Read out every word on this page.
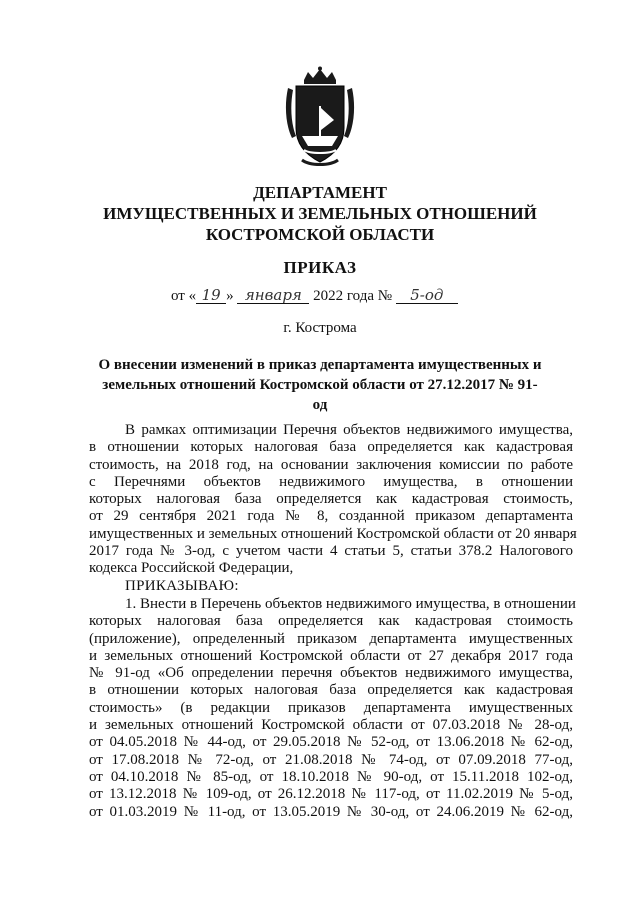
ДЕПАРТАМЕНТ
ИМУЩЕСТВЕННЫХ И ЗЕМЕЛЬНЫХ ОТНОШЕНИЙ
КОСТРОМСКОЙ ОБЛАСТИ
ПРИКАЗ
от « 19 » января 2022 года № 5-од
г. Кострома
О внесении изменений в приказ департамента имущественных и
земельных отношений Костромской области от 27.12.2017 № 91-од
В рамках оптимизации Перечня объектов недвижимого имущества,
в отношении которых налоговая база определяется как кадастровая
стоимость, на 2018 год, на основании заключения комиссии по работе
с Перечнями объектов недвижимого имущества, в отношении
которых налоговая база определяется как кадастровая стоимость,
от 29 сентября 2021 года № 8, созданной приказом департамента
имущественных и земельных отношений Костромской области от 20 января
2017 года № 3-од, с учетом части 4 статьи 5, статьи 378.2 Налогового
кодекса Российской Федерации,
ПРИКАЗЫВАЮ:
1. Внести в Перечень объектов недвижимого имущества, в отношении
которых налоговая база определяется как кадастровая стоимость
(приложение), определенный приказом департамента имущественных
и земельных отношений Костромской области от 27 декабря 2017 года
№ 91-од «Об определении перечня объектов недвижимого имущества,
в отношении которых налоговая база определяется как кадастровая
стоимость» (в редакции приказов департамента имущественных
и земельных отношений Костромской области от 07.03.2018 № 28-од,
от 04.05.2018 № 44-од, от 29.05.2018 № 52-од, от 13.06.2018 № 62-од,
от 17.08.2018 № 72-од, от 21.08.2018 № 74-од, от 07.09.2018 77-од,
от 04.10.2018 № 85-од, от 18.10.2018 № 90-од, от 15.11.2018 102-од,
от 13.12.2018 № 109-од, от 26.12.2018 № 117-од, от 11.02.2019 № 5-од,
от 01.03.2019 № 11-од, от 13.05.2019 № 30-од, от 24.06.2019 № 62-од,
